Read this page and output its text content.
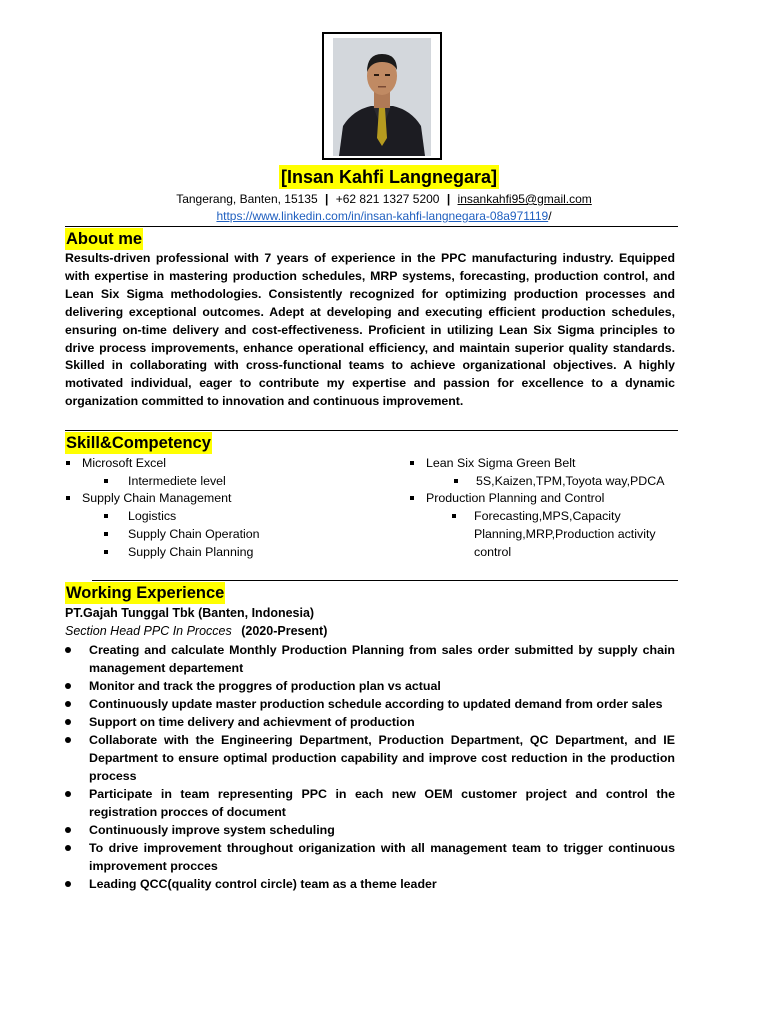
[Insan Kahfi Langnegara]
Tangerang, Banten, 15135 | +62 821 1327 5200 | insankahfi95@gmail.com
https://www.linkedin.com/in/insan-kahfi-langnegara-08a971119/
About me
Results-driven professional with 7 years of experience in the PPC manufacturing industry. Equipped with expertise in mastering production schedules, MRP systems, forecasting, production control, and Lean Six Sigma methodologies. Consistently recognized for optimizing production processes and delivering exceptional outcomes. Adept at developing and executing efficient production schedules, ensuring on-time delivery and cost-effectiveness. Proficient in utilizing Lean Six Sigma principles to drive process improvements, enhance operational efficiency, and maintain superior quality standards. Skilled in collaborating with cross-functional teams to achieve organizational objectives. A highly motivated individual, eager to contribute my expertise and passion for excellence to a dynamic organization committed to innovation and continuous improvement.
Skill&Competency
Microsoft Excel
Intermediete level
Supply Chain Management
Logistics
Supply Chain Operation
Supply Chain Planning
Lean Six Sigma Green Belt
5S,Kaizen,TPM,Toyota way,PDCA
Production Planning and Control
Forecasting,MPS,Capacity Planning,MRP,Production activity control
Working Experience
PT.Gajah Tunggal Tbk (Banten, Indonesia)
Section Head PPC In Procces (2020-Present)
Creating and calculate Monthly Production Planning from sales order submitted by supply chain management departement
Monitor and track the proggres of production plan vs actual
Continuously update master production schedule according to updated demand from order sales
Support on time delivery and achievment of production
Collaborate with the Engineering Department, Production Department, QC Department, and IE Department to ensure optimal production capability and improve cost reduction in the production process
Participate in team representing PPC in each new OEM customer project and control the registration procces of document
Continuously improve system scheduling
To drive improvement throughout origanization with all management team to trigger continuous improvement procces
Leading QCC(quality control circle) team as a theme leader
